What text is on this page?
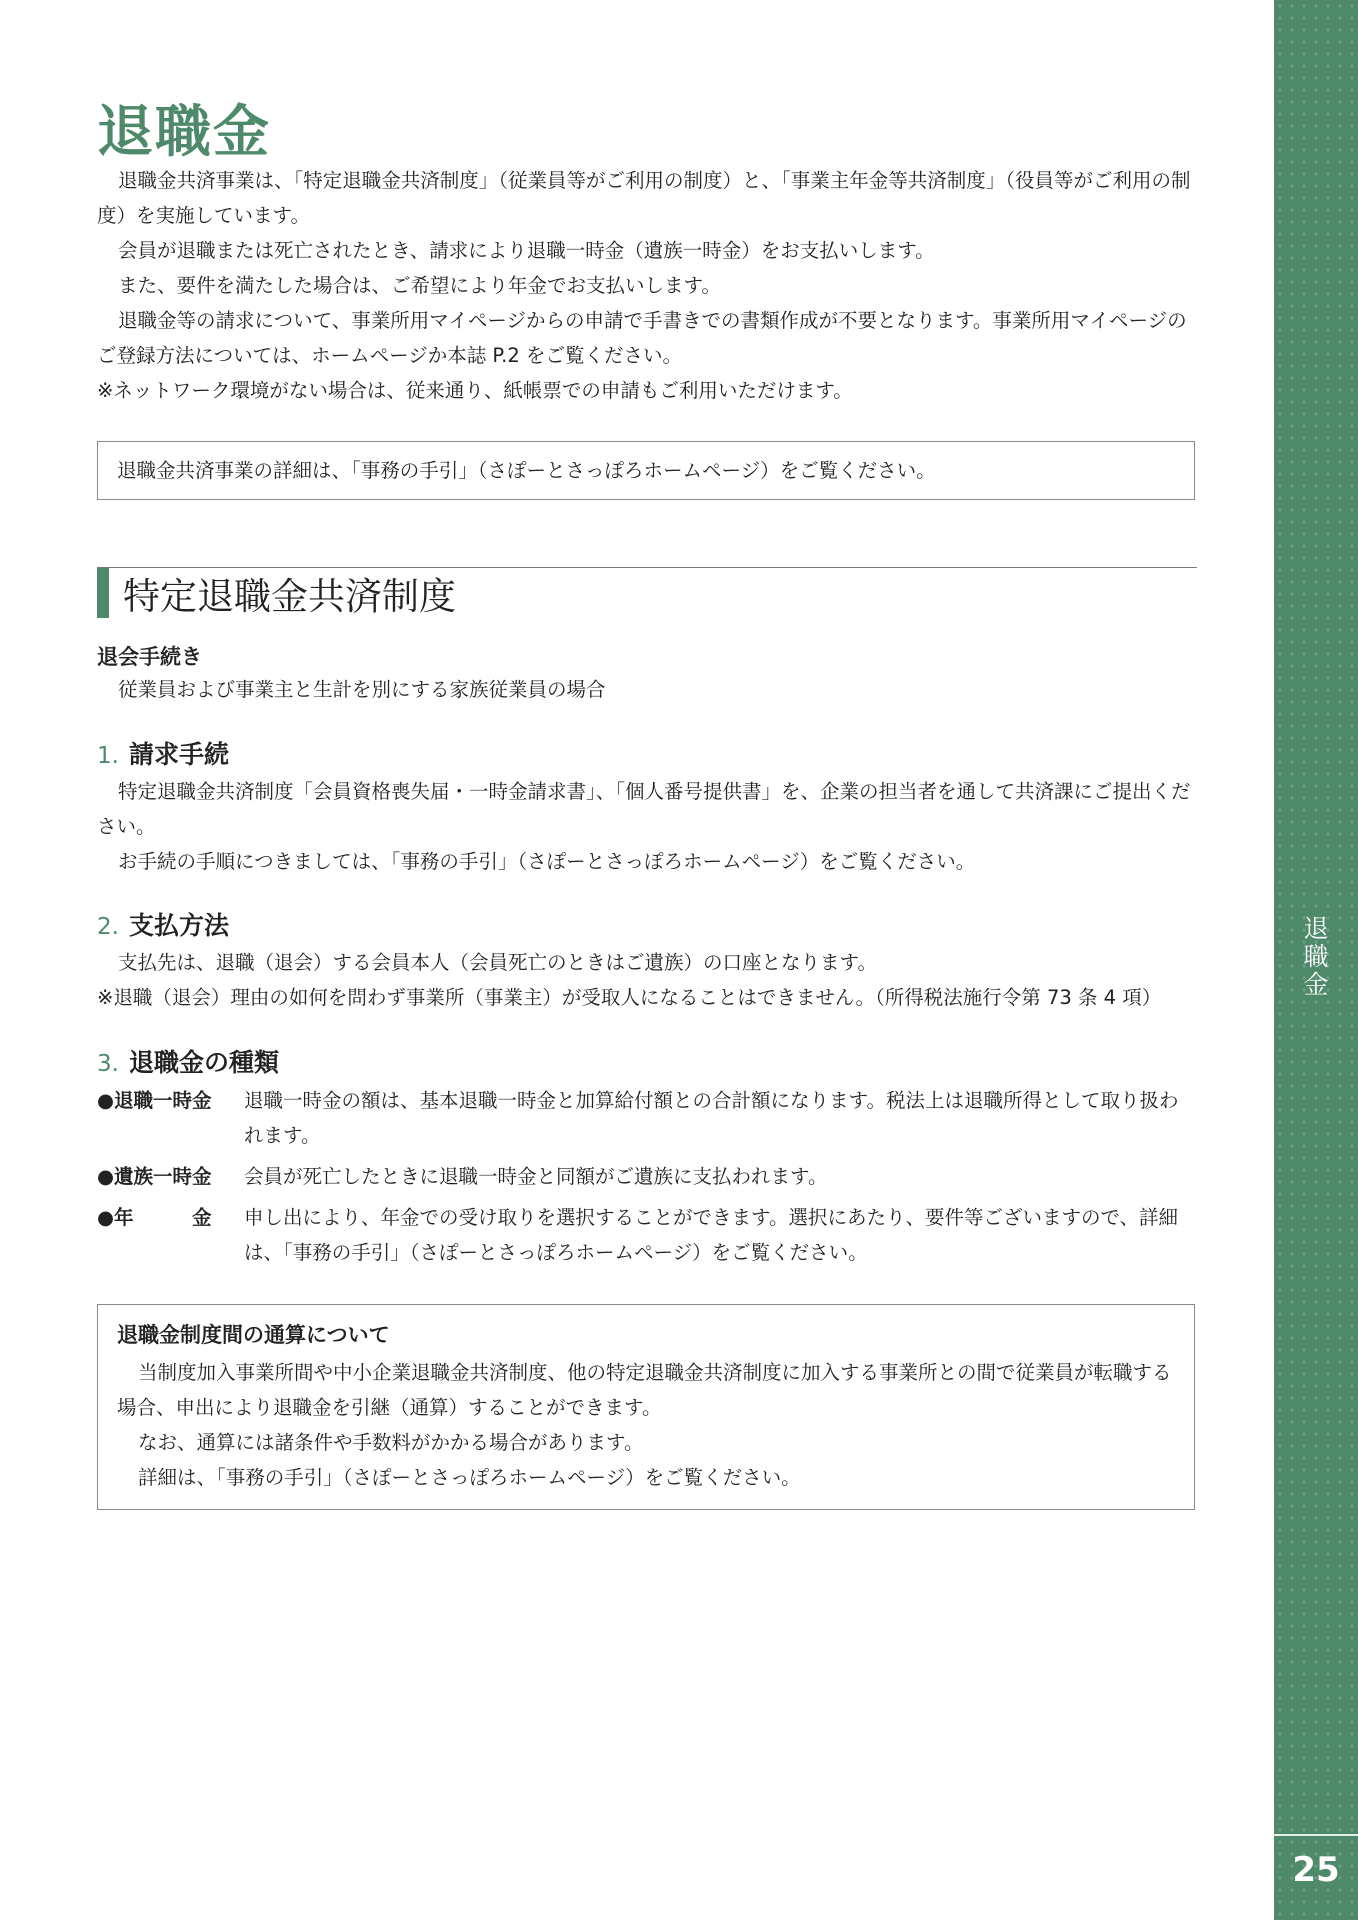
退職金

退職金共済事業は、「特定退職金共済制度」（従業員等がご利用の制度）と、「事業主年金等共済制度」（役員等がご利用の制度）を実施しています。

会員が退職または死亡されたとき、請求により退職一時金（遺族一時金）をお支払いします。

また、要件を満たした場合は、ご希望により年金でお支払いします。

退職金等の請求について、事業所用マイページからの申請で手書きでの書類作成が不要となります。事業所用マイページのご登録方法については、ホームページか本誌 P.2 をご覧ください。

※ネットワーク環境がない場合は、従来通り、紙帳票での申請もご利用いただけます。

退職金共済事業の詳細は、「事務の手引」（さぽーとさっぽろホームページ）をご覧ください。
特定退職金共済制度
退会手続き

従業員および事業主と生計を別にする家族従業員の場合

1. 請求手続

特定退職金共済制度「会員資格喪失届・一時金請求書」、「個人番号提供書」を、企業の担当者を通して共済課にご提出ください。

お手続の手順につきましては、「事務の手引」（さぽーとさっぽろホームページ）をご覧ください。

2. 支払方法

支払先は、退職（退会）する会員本人（会員死亡のときはご遺族）の口座となります。

※退職（退会）理由の如何を問わず事業所（事業主）が受取人になることはできません。（所得税法施行令第 73 条 4 項）

3. 退職金の種類
●退職一時金	退職一時金の額は、基本退職一時金と加算給付額との合計額になります。税法上は退職所得として取り扱われます。
●遺族一時金	会員が死亡したときに退職一時金と同額がご遺族に支払われます。
●年　　　金	申し出により、年金での受け取りを選択することができます。選択にあたり、要件等ございますので、詳細は、「事務の手引」（さぽーとさっぽろホームページ）をご覧ください。
退職金制度間の通算について

当制度加入事業所間や中小企業退職金共済制度、他の特定退職金共済制度に加入する事業所との間で従業員が転職する場合、申出により退職金を引継（通算）することができます。

なお、通算には諸条件や手数料がかかる場合があります。

詳細は、「事務の手引」（さぽーとさっぽろホームページ）をご覧ください。

退
職
金
25
